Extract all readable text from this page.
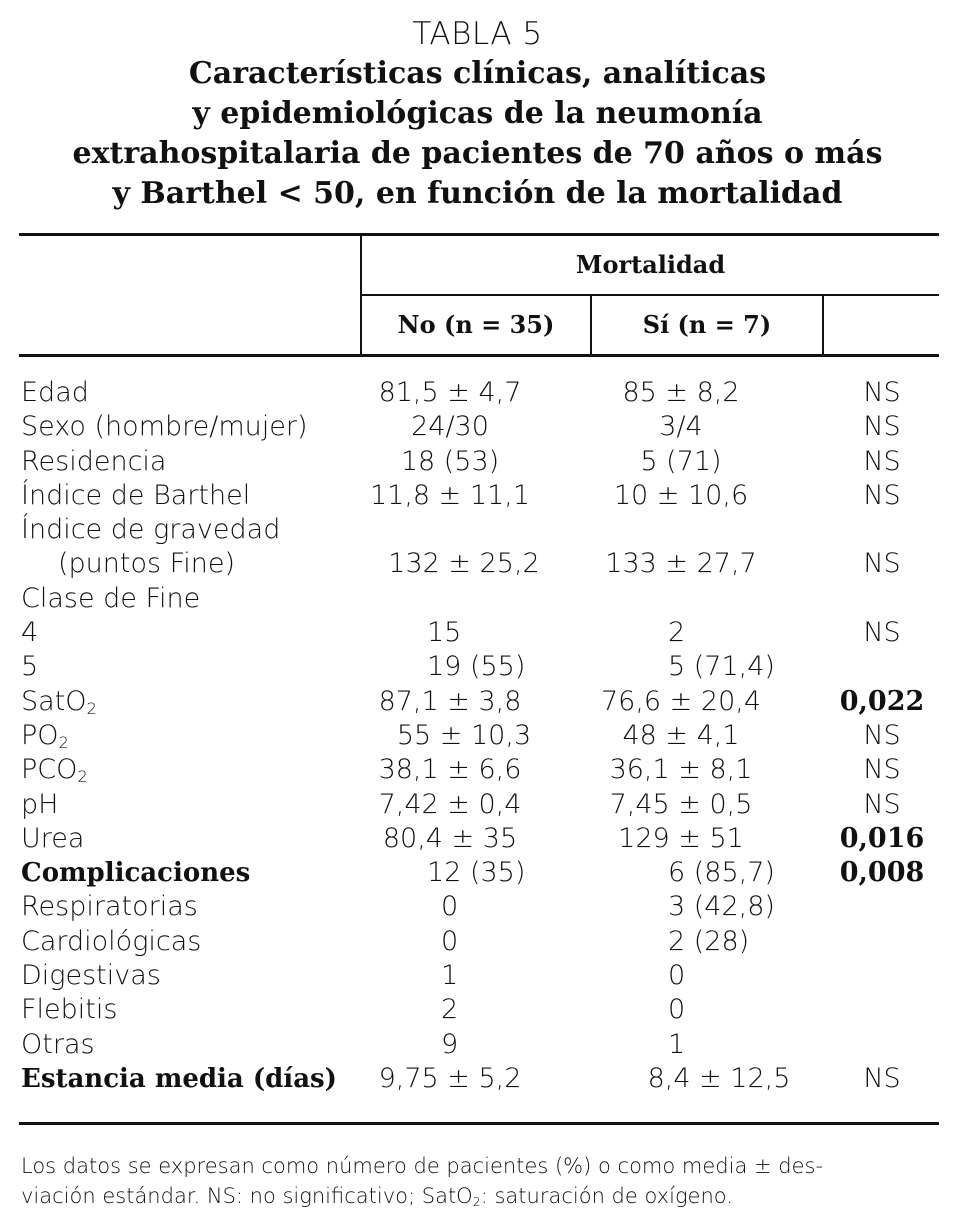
TABLA 5
Características clínicas, analíticas
y epidemiológicas de la neumonía
extrahospitalaria de pacientes de 70 años o más
y Barthel < 50, en función de la mortalidad
Mortalidad
No (n = 35)	Sí (n = 7)
Edad	81,5 ± 4,7	85 ± 8,2	NS
Sexo (hombre/mujer)	24/30	3/4	NS
Residencia	18 (53)	5 (71)	NS
Índice de Barthel	11,8 ± 11,1	10 ± 10,6	NS
Índice de gravedad
(puntos Fine)	132 ± 25,2	133 ± 27,7	NS
Clase de Fine
4	15	2	NS
5	19 (55)	5 (71,4)
SatO$_2$	87,1 ± 3,8	76,6 ± 20,4	0,022
$PO_2$	55 ± 10,3	48 ± 4,1	NS
$PCO_2$	38,1 ± 6,6	36,1 ± 8,1	NS
pH	7,42 ± 0,4	7,45 ± 0,5	NS
Urea	80,4 ± 35	129 ± 51	0,016
Complicaciones	12 (35)	6 (85,7)	0,008
Respiratorias	0	3 (42,8)
Cardiológicas	0	2 (28)
Digestivas	1	0
Flebitis	2	0
Otras	9	1
Estancia media (días)	9,75 ± 5,2	8,4 ± 12,5	NS
Los datos se expresan como número de pacientes (%) o como media ± des-
viación estándar. NS: no significativo; SatO$_2$: saturación de oxígeno.
